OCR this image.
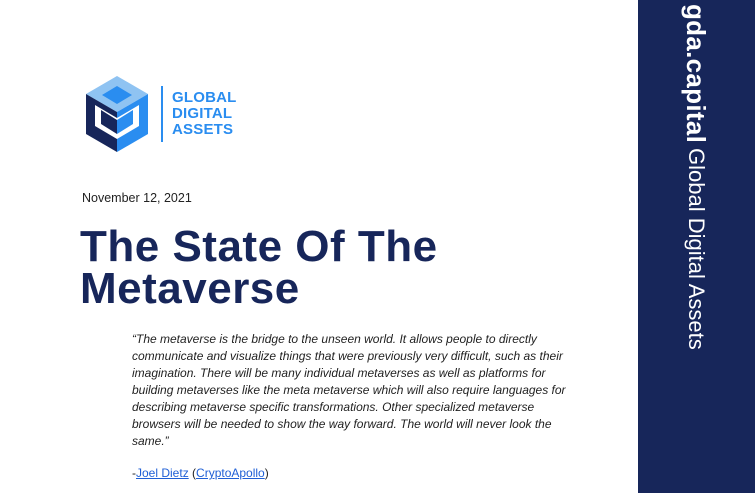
gda.capital Global Digital Assets
GLOBAL
DIGITAL
ASSETS
November 12, 2021
The State Of The Metaverse

“The metaverse is the bridge to the unseen world. It allows people to directly communicate and visualize things that were previously very difficult, such as their imagination. There will be many individual metaverses as well as platforms for building metaverses like the meta metaverse which will also require languages for describing metaverse specific transformations. Other specialized metaverse browsers will be needed to show the way forward. The world will never look the same.”

-Joel Dietz (CryptoApollo)
